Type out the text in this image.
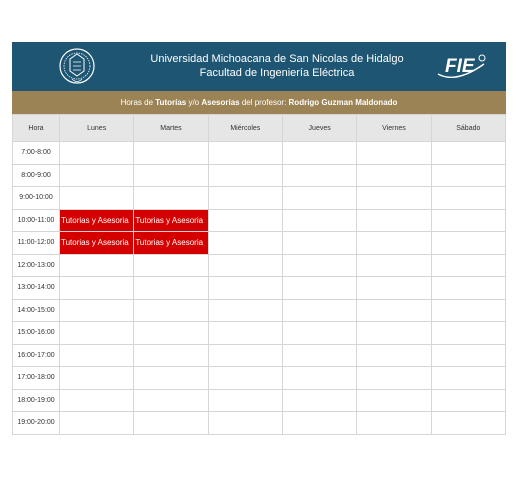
Universidad Michoacana de San Nicolas de Hidalgo
Facultad de Ingeniería Eléctrica	FIE
Horas de Tutorías y/o Asesorías del profesor: Rodrigo Guzman Maldonado
Hora	Lunes	Martes	Miércoles	Jueves	Viernes	Sábado
7:00-8:00						
8:00-9:00						
9:00-10:00						
10:00-11:00	Tutorias y Asesoria	Tutorias y Asesoria				
11:00-12:00	Tutorias y Asesoria	Tutorias y Asesoria				
12:00-13:00						
13:00-14:00						
14:00-15:00						
15:00-16:00						
16:00-17:00						
17:00-18:00						
18:00-19:00						
19:00-20:00						
